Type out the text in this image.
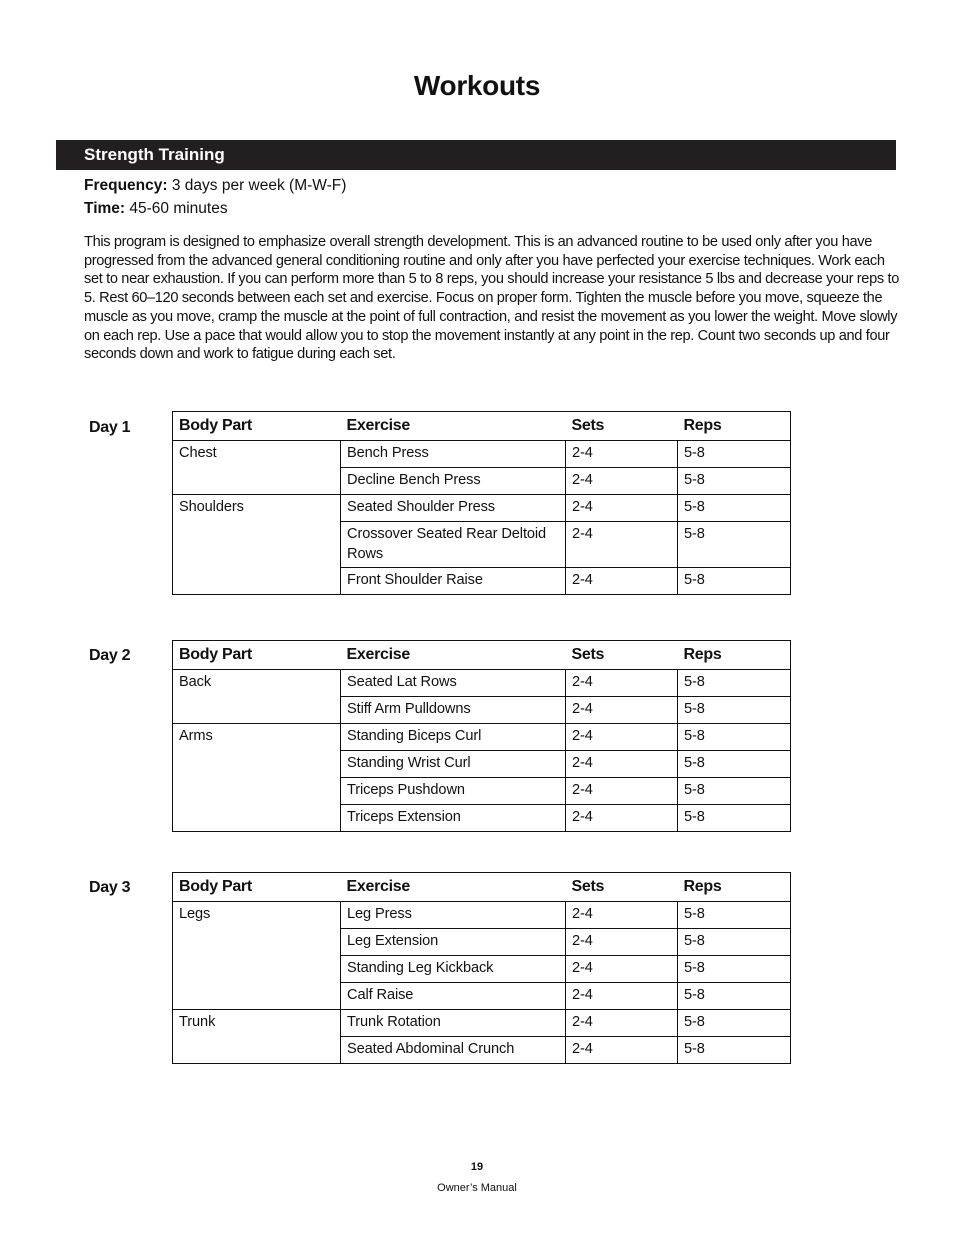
Workouts
Strength Training
Frequency: 3 days per week (M-W-F)
Time: 45-60 minutes

This program is designed to emphasize overall strength development. This is an advanced routine to be used only after you have progressed from the advanced general conditioning routine and only after you have perfected your exercise techniques. Work each set to near exhaustion. If you can perform more than 5 to 8 reps, you should increase your resistance 5 lbs and decrease your reps to 5. Rest 60–120 seconds between each set and exercise. Focus on proper form. Tighten the muscle before you move, squeeze the muscle as you move, cramp the muscle at the point of full contraction, and resist the movement as you lower the weight. Move slowly on each rep. Use a pace that would allow you to stop the movement instantly at any point in the rep. Count two seconds up and four seconds down and work to fatigue during each set.

Day 1	Body Part	Exercise	Sets	Reps
Chest	Bench Press	2-4	5-8
	Decline Bench Press	2-4	5-8
Shoulders	Seated Shoulder Press	2-4	5-8
	Crossover Seated Rear Deltoid Rows	2-4	5-8
	Front Shoulder Raise	2-4	5-8
Day 2	Body Part	Exercise	Sets	Reps
Back	Seated Lat Rows	2-4	5-8
	Stiff Arm Pulldowns	2-4	5-8
Arms	Standing Biceps Curl	2-4	5-8
	Standing Wrist Curl	2-4	5-8
	Triceps Pushdown	2-4	5-8
	Triceps Extension	2-4	5-8
Day 3	Body Part	Exercise	Sets	Reps
Legs	Leg Press	2-4	5-8
	Leg Extension	2-4	5-8
	Standing Leg Kickback	2-4	5-8
	Calf Raise	2-4	5-8
Trunk	Trunk Rotation	2-4	5-8
	Seated Abdominal Crunch	2-4	5-8
19
Owner’s Manual
